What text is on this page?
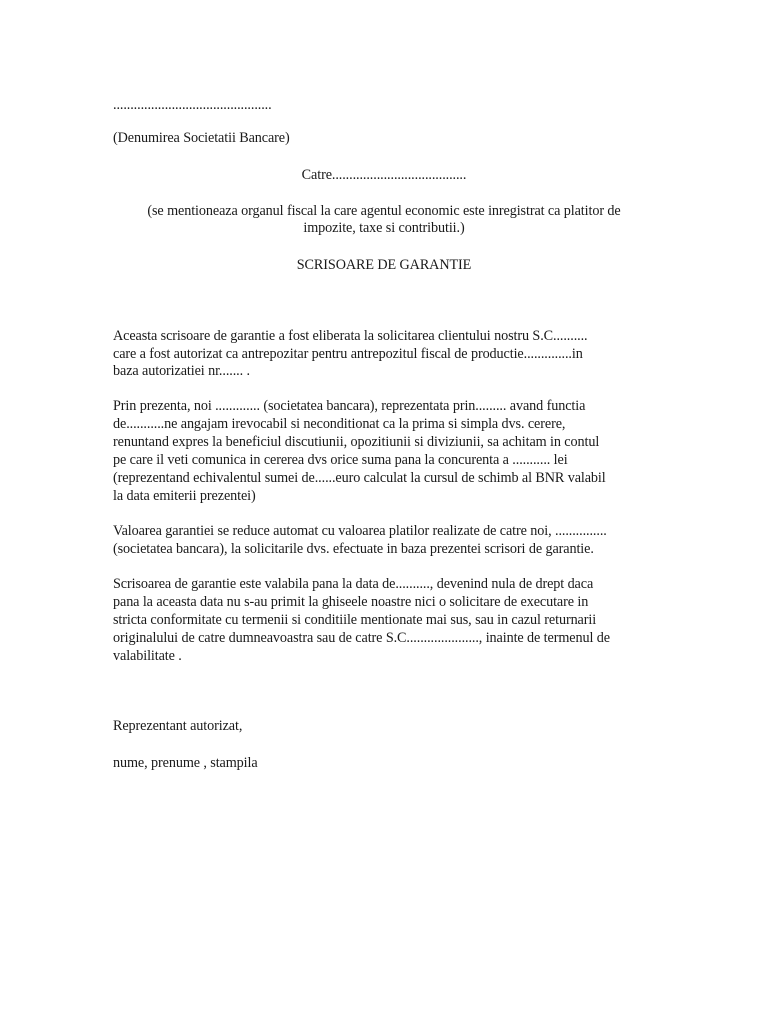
..............................................
(Denumirea Societatii Bancare)
Catre.......................................
(se mentioneaza organul fiscal la care agentul economic este inregistrat ca platitor de
impozite, taxe si contributii.)
SCRISOARE DE GARANTIE
Aceasta scrisoare de garantie a fost eliberata la solicitarea clientului nostru S.C..........
care a fost autorizat ca antrepozitar pentru antrepozitul fiscal de productie..............in
baza autorizatiei nr....... .
Prin prezenta, noi ............. (societatea bancara), reprezentata prin......... avand functia
de...........ne angajam irevocabil si neconditionat ca la prima si simpla dvs. cerere,
renuntand expres la beneficiul discutiunii, opozitiunii si diviziunii, sa achitam in contul
pe care il veti comunica in cererea dvs orice suma pana la concurenta a ........... lei
(reprezentand echivalentul sumei de......euro calculat la cursul de schimb al BNR valabil
la data emiterii prezentei)
Valoarea garantiei se reduce automat cu valoarea platilor realizate de catre noi, ...............
(societatea bancara), la solicitarile dvs. efectuate in baza prezentei scrisori de garantie.
Scrisoarea de garantie este valabila pana la data de.........., devenind nula de drept daca
pana la aceasta data nu s-au primit la ghiseele noastre nici o solicitare de executare in
stricta conformitate cu termenii si conditiile mentionate mai sus, sau in cazul returnarii
originalului de catre dumneavoastra sau de catre S.C....................., inainte de termenul de
valabilitate .
Reprezentant autorizat,
nume, prenume , stampila
